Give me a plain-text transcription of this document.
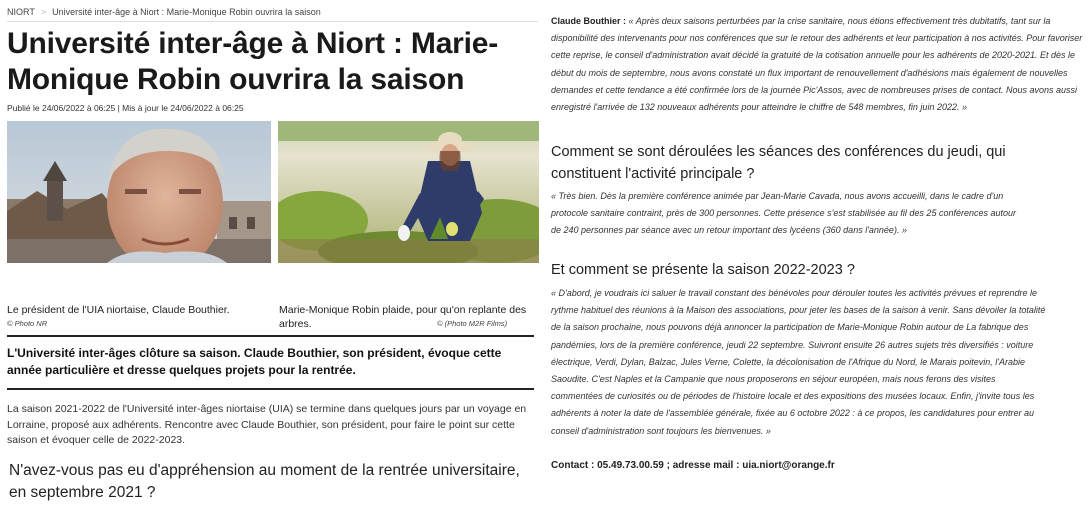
NIORT > Université inter-âge à Niort : Marie-Monique Robin ouvrira la saison
Université inter-âge à Niort : Marie-Monique Robin ouvrira la saison
Publié le 24/06/2022 à 06:25 | Mis à jour le 24/06/2022 à 06:25
Le président de l'UIA niortaise, Claude Bouthier.
© Photo NR
Marie-Monique Robin plaide, pour qu'on replante des arbres.	© (Photo M2R Films)
L'Université inter-âges clôture sa saison. Claude Bouthier, son président, évoque cette année particulière et dresse quelques projets pour la rentrée.
La saison 2021-2022 de l'Université inter-âges niortaise (UIA) se termine dans quelques jours par un voyage en Lorraine, proposé aux adhérents. Rencontre avec Claude Bouthier, son président, pour faire le point sur cette saison et évoquer celle de 2022-2023.
N'avez-vous pas eu d'appréhension au moment de la rentrée universitaire, en septembre 2021 ?
Claude Bouthier : « Après deux saisons perturbées par la crise sanitaire, nous étions effectivement très dubitatifs, tant sur la disponibilité des intervenants pour nos conférences que sur le retour des adhérents et leur participation à nos activités. Pour favoriser cette reprise, le conseil d'administration avait décidé la gratuité de la cotisation annuelle pour les adhérents de 2020-2021. Et dès le début du mois de septembre, nous avons constaté un flux important de renouvellement d'adhésions mais également de nouvelles demandes et cette tendance a été confirmée lors de la journée Pic'Assos, avec de nombreuses prises de contact. Nous avons aussi enregistré l'arrivée de 132 nouveaux adhérents pour atteindre le chiffre de 548 membres, fin juin 2022. »
Comment se sont déroulées les séances des conférences du jeudi, qui constituent l'activité principale ?
« Très bien. Dès la première conférence animée par Jean-Marie Cavada, nous avons accueilli, dans le cadre d'un protocole sanitaire contraint, près de 300 personnes. Cette présence s'est stabilisée au fil des 25 conférences autour de 240 personnes par séance avec un retour important des lycéens (360 dans l'année). »
Et comment se présente la saison 2022-2023 ?
« D'abord, je voudrais ici saluer le travail constant des bénévoles pour dérouler toutes les activités prévues et reprendre le rythme habituel des réunions à la Maison des associations, pour jeter les bases de la saison à venir. Sans dévoiler la totalité de la saison prochaine, nous pouvons déjà annoncer la participation de Marie-Monique Robin autour de La fabrique des pandémies, lors de la première conférence, jeudi 22 septembre. Suivront ensuite 26 autres sujets très diversifiés : voiture électrique, Verdi, Dylan, Balzac, Jules Verne, Colette, la décolonisation de l'Afrique du Nord, le Marais poitevin, l'Arabie Saoudite. C'est Naples et la Campanie que nous proposerons en séjour européen, mais nous ferons des visites commentées de curiosités ou de périodes de l'histoire locale et des expositions des musées locaux. Enfin, j'invite tous les adhérents à noter la date de l'assemblée générale, fixée au 6 octobre 2022 : à ce propos, les candidatures pour entrer au conseil d'administration sont toujours les bienvenues. »
Contact : 05.49.73.00.59 ; adresse mail : uia.niort@orange.fr
